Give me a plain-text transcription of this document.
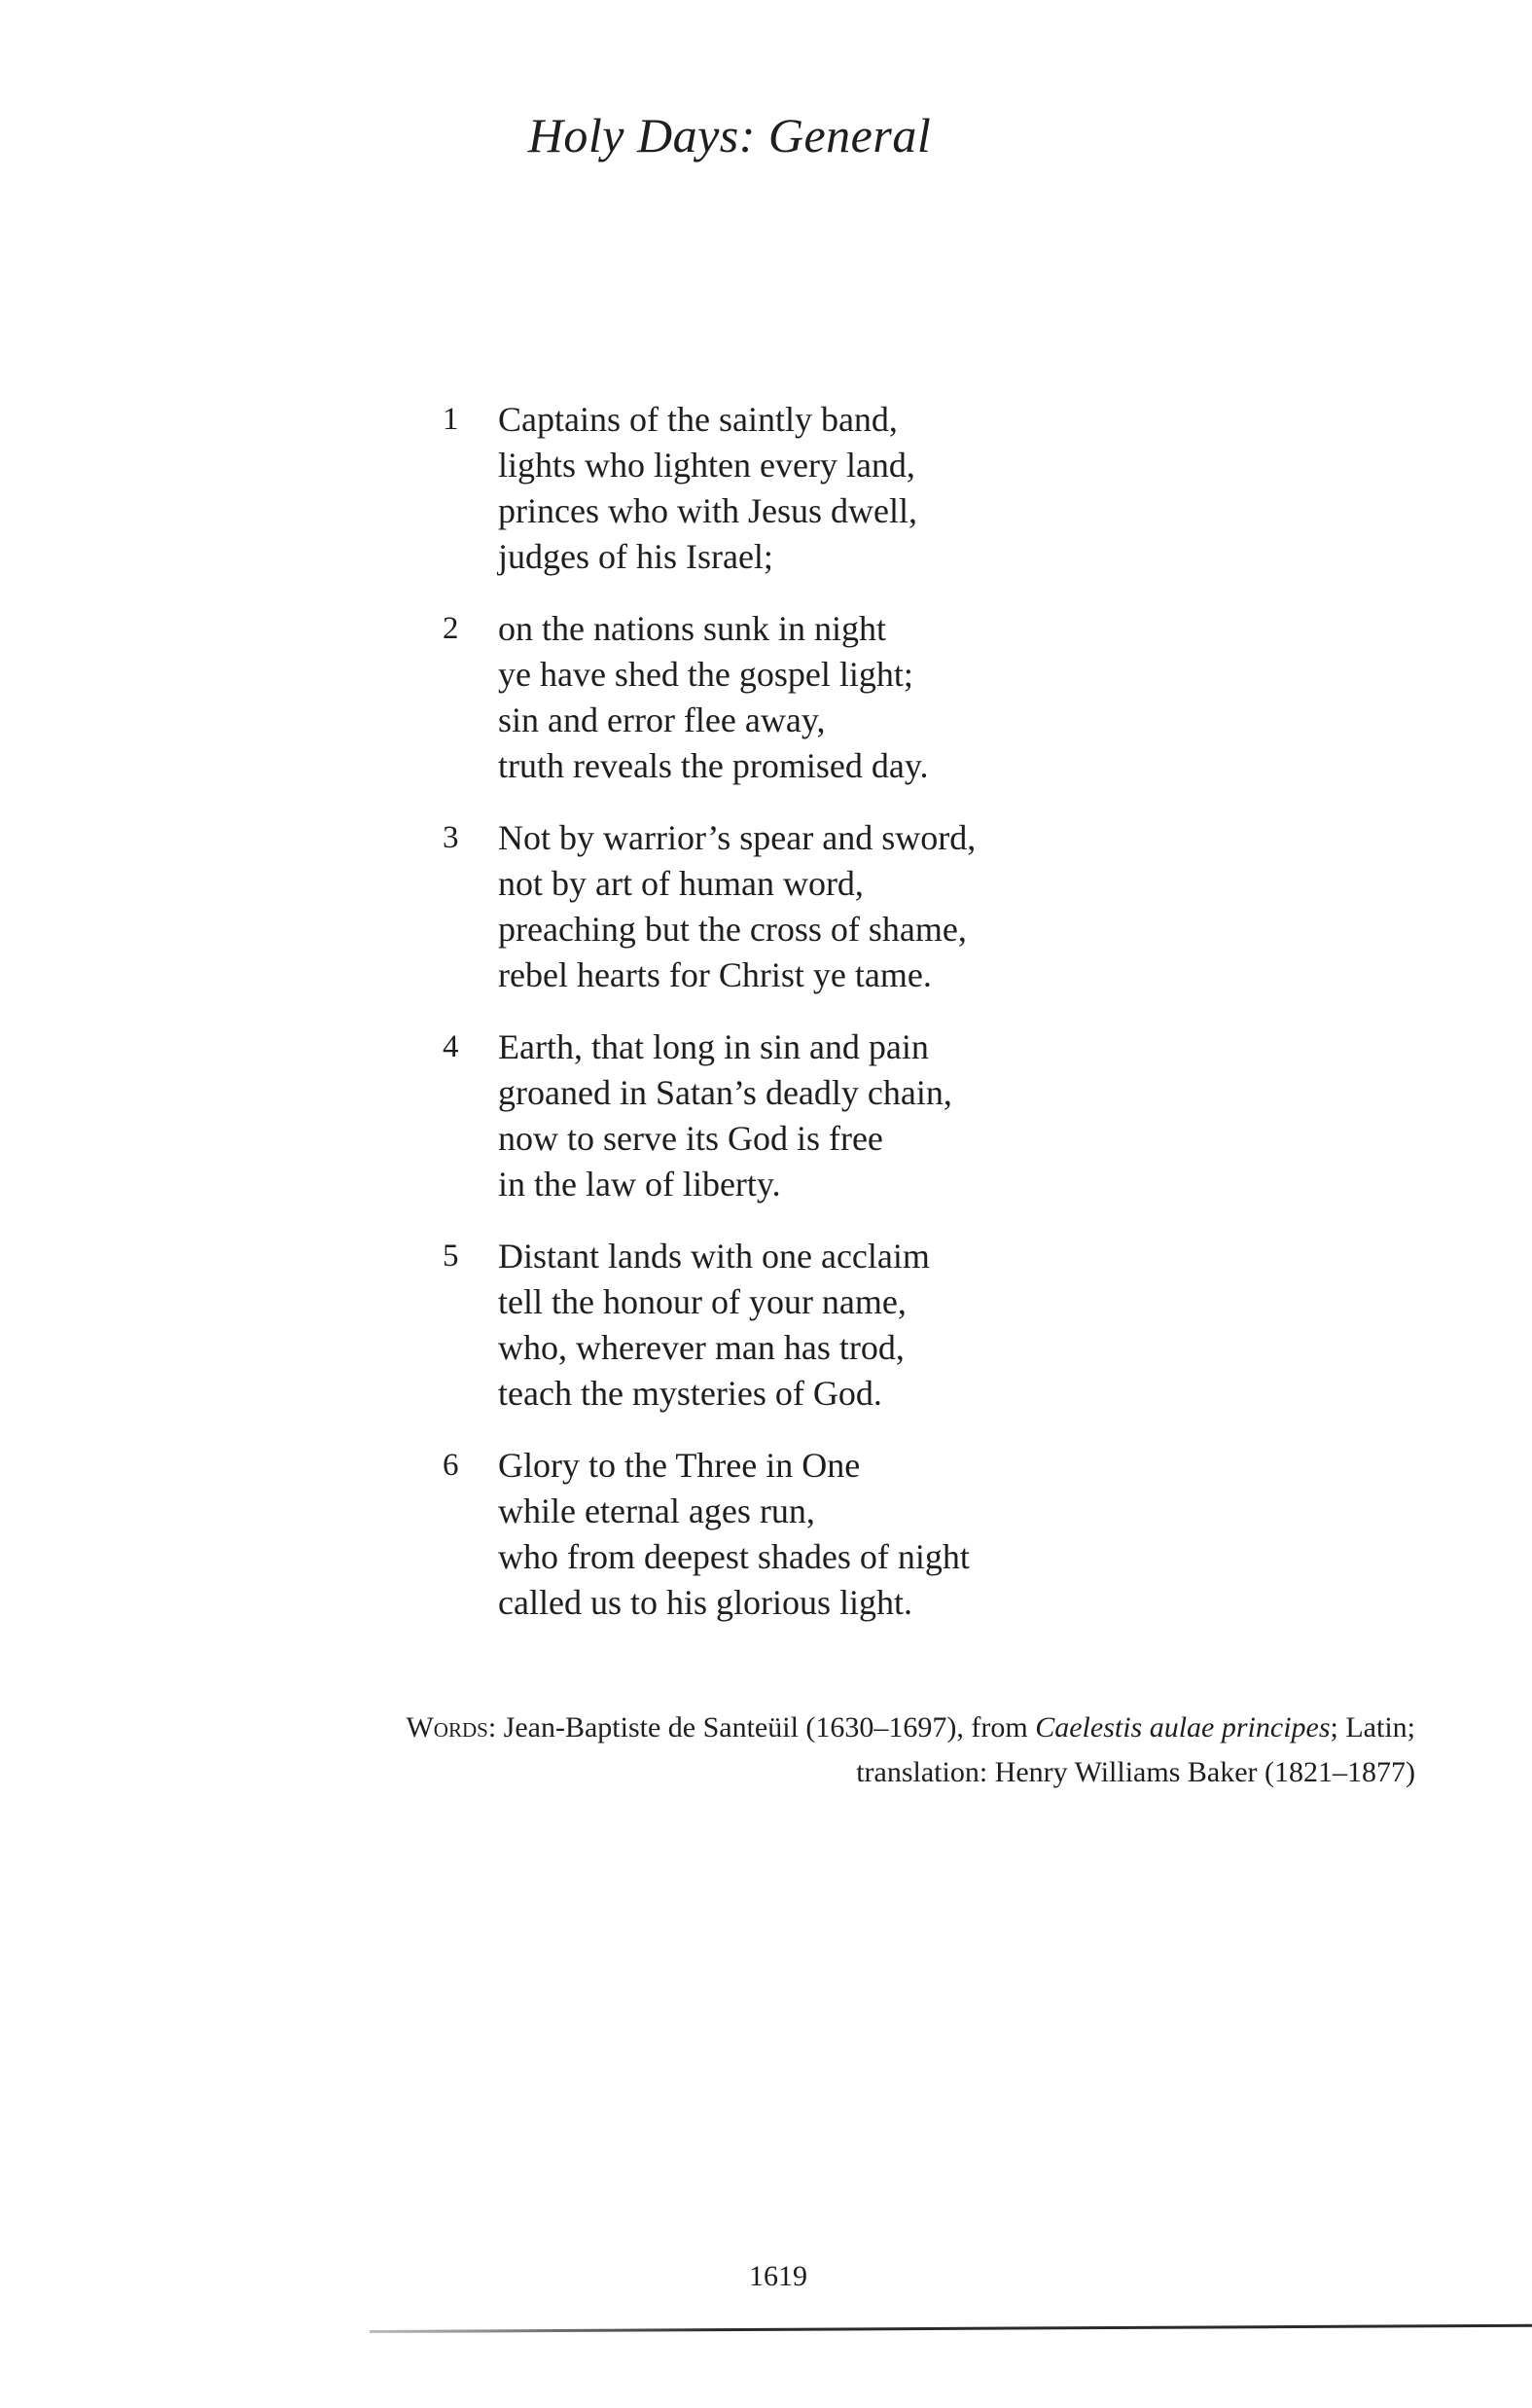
Holy Days: General
1	Captains of the saintly band,
lights who lighten every land,
princes who with Jesus dwell,
judges of his Israel;
2	on the nations sunk in night
ye have shed the gospel light;
sin and error flee away,
truth reveals the promised day.
3	Not by warrior’s spear and sword,
not by art of human word,
preaching but the cross of shame,
rebel hearts for Christ ye tame.
4	Earth, that long in sin and pain
groaned in Satan’s deadly chain,
now to serve its God is free
in the law of liberty.
5	Distant lands with one acclaim
tell the honour of your name,
who, wherever man has trod,
teach the mysteries of God.
6	Glory to the Three in One
while eternal ages run,
who from deepest shades of night
called us to his glorious light.
Words: Jean-Baptiste de Santeüil (1630–1697), from Caelestis aulae principes; Latin;
translation: Henry Williams Baker (1821–1877)
1619
